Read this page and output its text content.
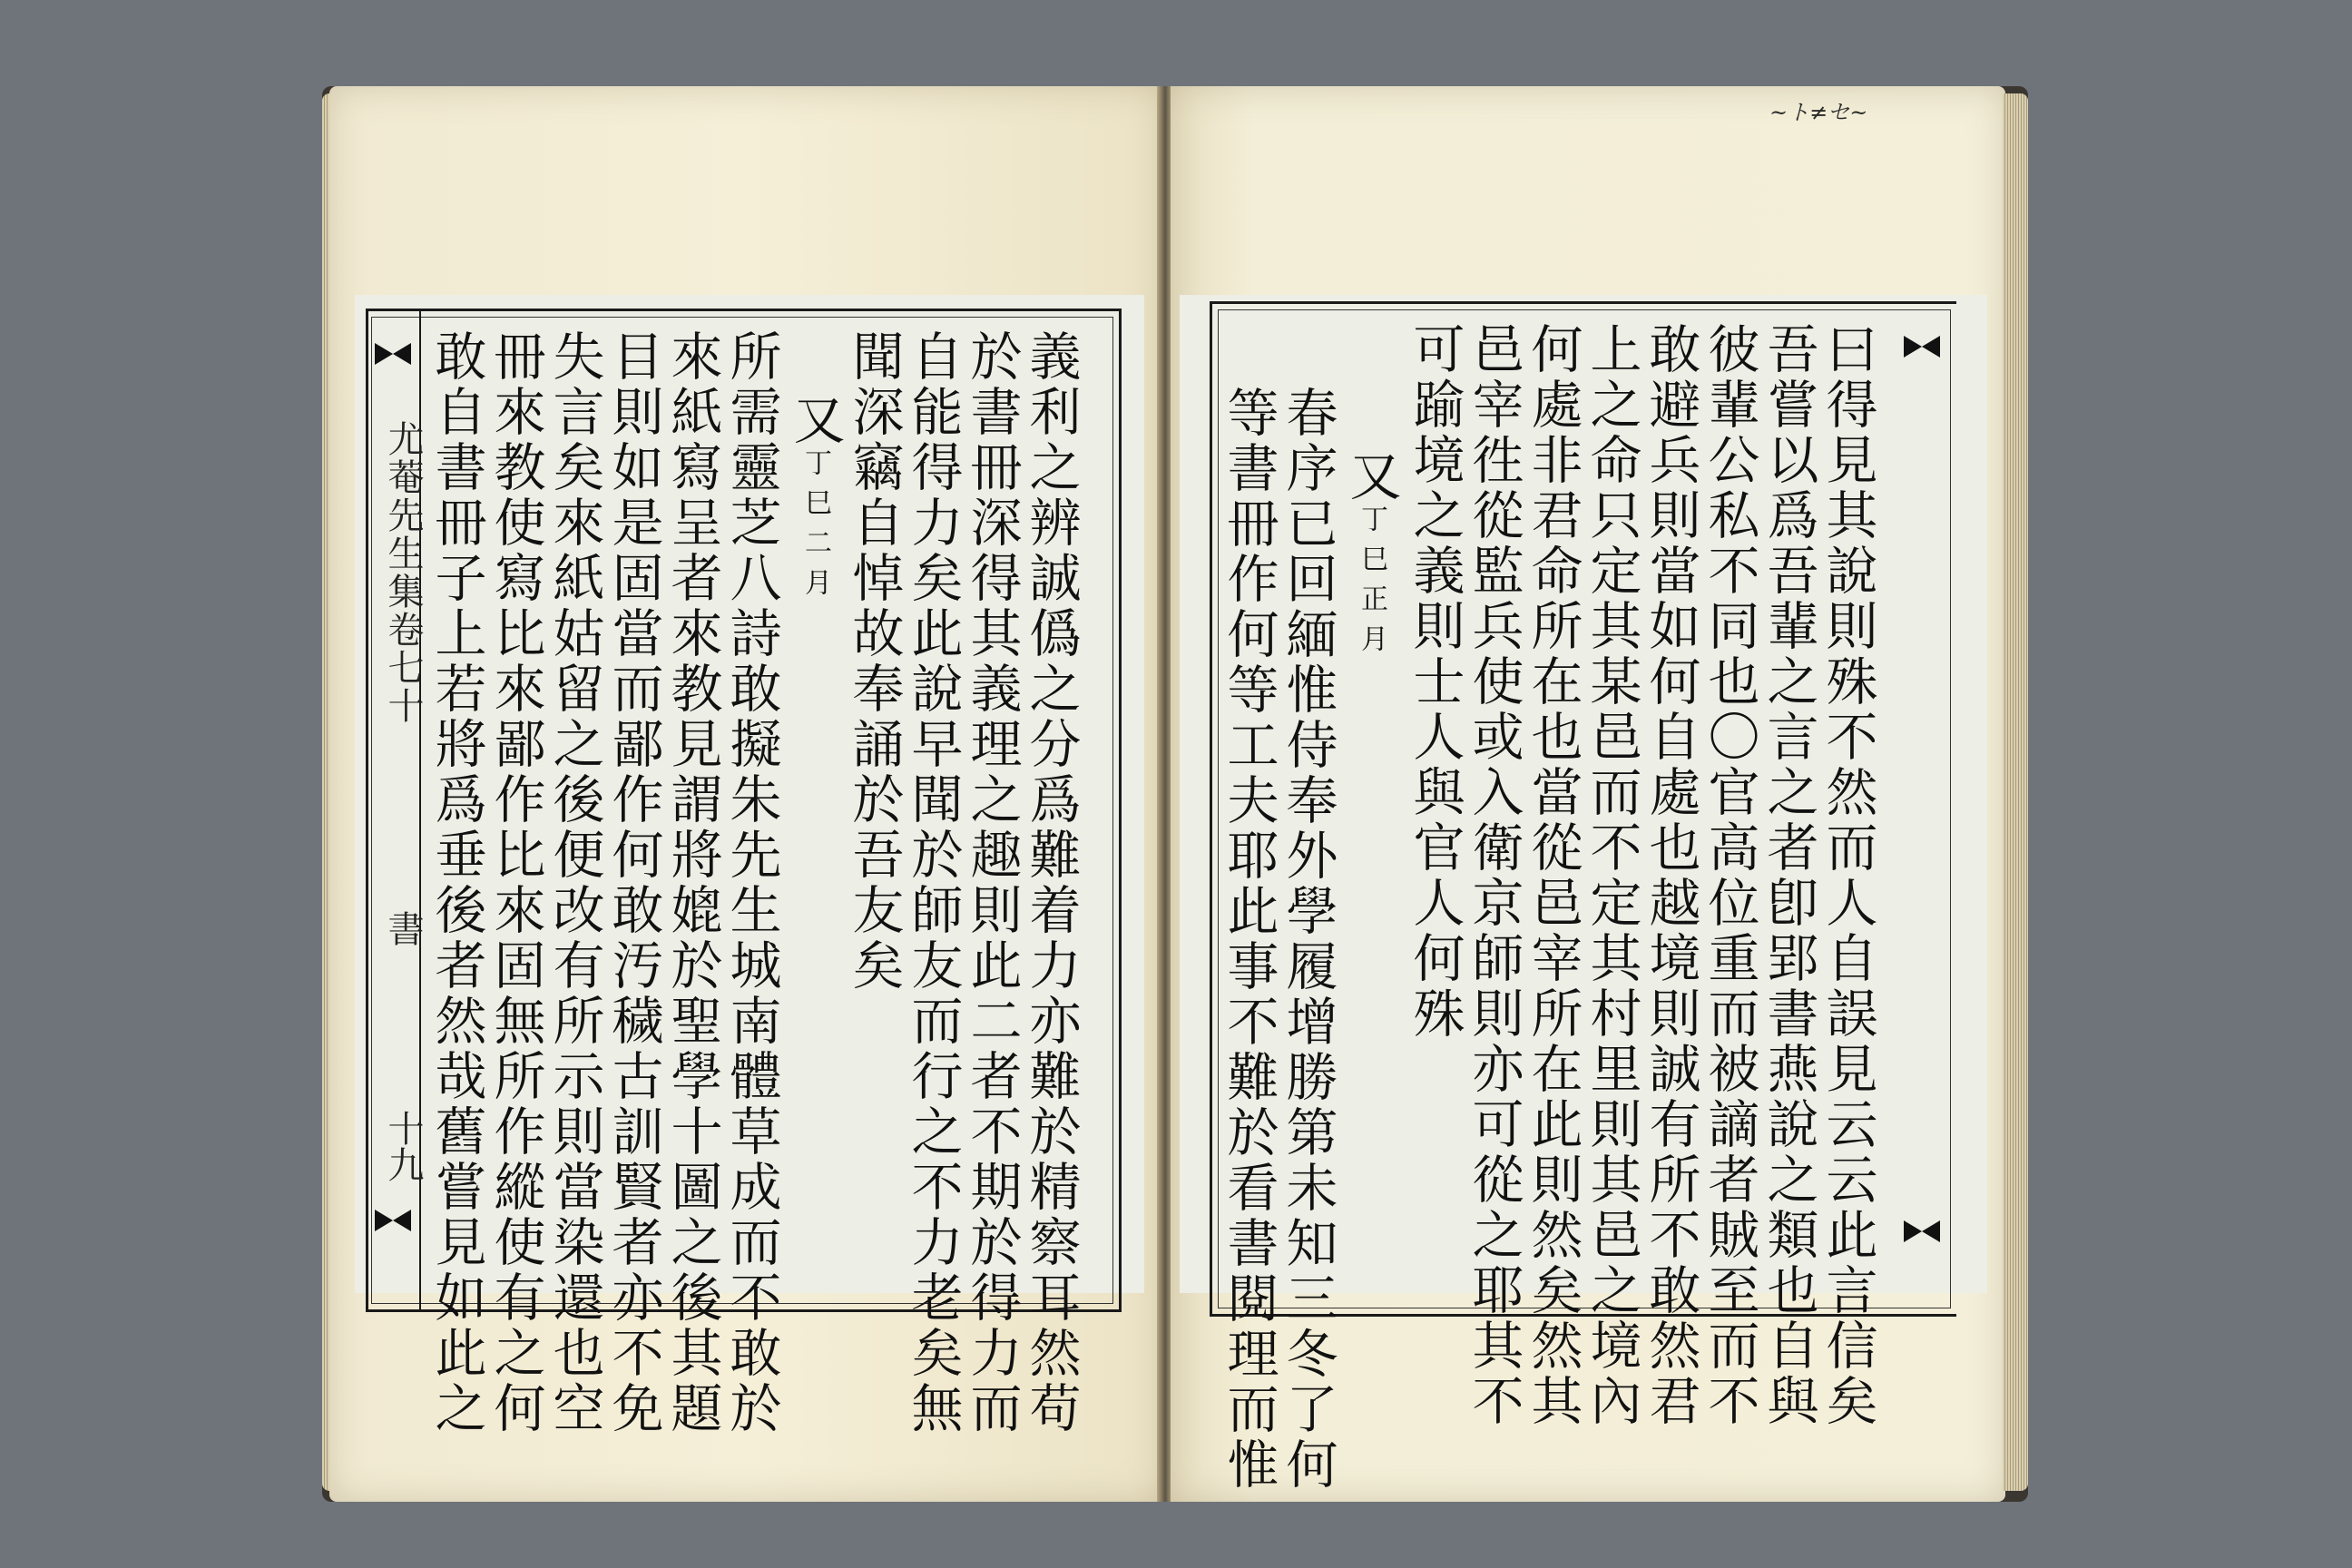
尤菴先生集卷七十
書
十九 敢自書冊子上若將爲垂後者然哉舊嘗見如此之 冊來教使寫比來鄙作比來固無所作縱使有之何 失言矣來紙姑留之後便改有所示則當染還也空 目則如是固當而鄙作何敢汚穢古訓賢者亦不免 來紙寫呈者來教見謂將媲於聖學十圖之後其題 所需靈芝八詩敢擬朱先生城南體草成而不敢於 又丁巳二月 聞深竊自悼故奉誦於吾友矣 自能得力矣此說早聞於師友而行之不力老矣無 於書冊深得其義理之趣則此二者不期於得力而 義利之辨誠僞之分爲難着力亦難於精察耳然苟	等書冊作何等工夫耶此事不難於看書閱理而惟 春序已回緬惟侍奉外學履增勝第未知三冬了何 又丁巳正月 可踰境之義則士人與官人何殊 邑宰徃從監兵使或入衛京師則亦可從之耶其不 何處非君命所在也當從邑宰所在此則然矣然其 上之命只定其某邑而不定其村里則其邑之境內 敢避兵則當如何自處也越境則誠有所不敢然君 彼輩公私不同也〇官高位重而被謫者賊至而不 吾嘗以爲吾輩之言之者卽郢書燕說之類也自與 曰得見其說則殊不然而人自誤見云云此言信矣
~ト≠セ~
